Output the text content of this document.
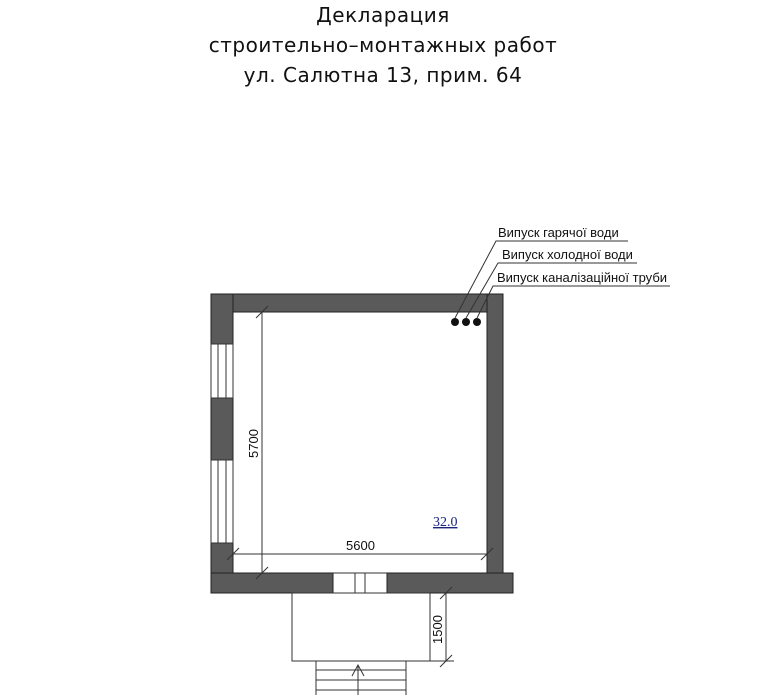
Декларация
строительно–монтажных работ
ул. Салютна 13, прим. 64
Випуск гарячої води
Випуск холодної води
Випуск каналізаційної труби
5700
5600
1500
32.0
